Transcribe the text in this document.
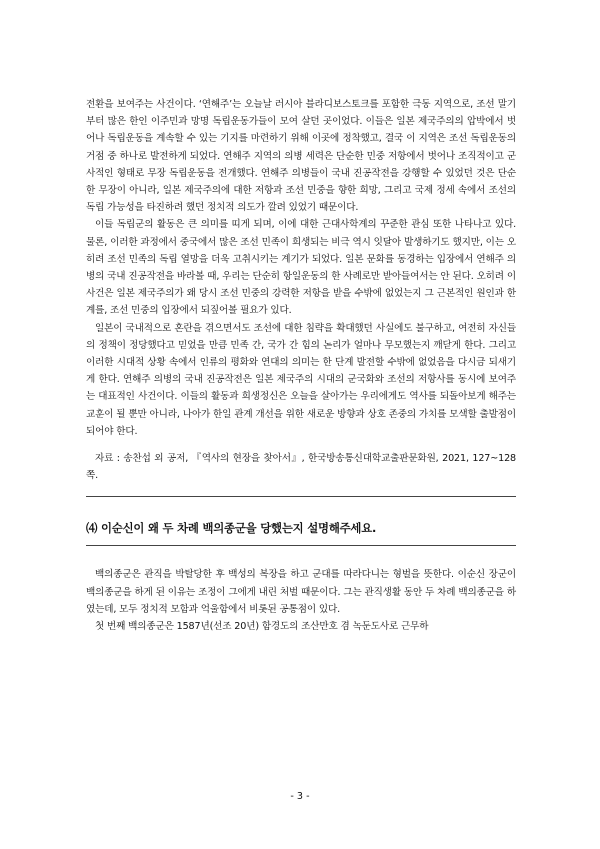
전환을 보여주는 사건이다. ‘연해주’는 오늘날 러시아 블라디보스토크를 포함한 극동 지역으로, 조선 말기부터 많은 한인 이주민과 망명 독립운동가들이 모여 살던 곳이었다. 이들은 일본 제국주의의 압박에서 벗어나 독립운동을 계속할 수 있는 기지를 마련하기 위해 이곳에 정착했고, 결국 이 지역은 조선 독립운동의 거점 중 하나로 발전하게 되었다. 연해주 지역의 의병 세력은 단순한 민중 저항에서 벗어나 조직적이고 군사적인 형태로 무장 독립운동을 전개했다. 연해주 의병들이 국내 진공작전을 강행할 수 있었던 것은 단순한 무장이 아니라, 일본 제국주의에 대한 저항과 조선 민중을 향한 희망, 그리고 국제 정세 속에서 조선의 독립 가능성을 타진하려 했던 정치적 의도가 깔려 있었기 때문이다.

이들 독립군의 활동은 큰 의미를 띠게 되며, 이에 대한 근대사학계의 꾸준한 관심 또한 나타나고 있다. 물론, 이러한 과정에서 중국에서 많은 조선 민족이 희생되는 비극 역시 잇달아 발생하기도 했지만, 이는 오히려 조선 민족의 독립 열망을 더욱 고취시키는 계기가 되었다. 일본 문화를 동경하는 입장에서 연해주 의병의 국내 진공작전을 바라볼 때, 우리는 단순히 항일운동의 한 사례로만 받아들여서는 안 된다. 오히려 이 사건은 일본 제국주의가 왜 당시 조선 민중의 강력한 저항을 받을 수밖에 없었는지 그 근본적인 원인과 한계를, 조선 민중의 입장에서 되짚어볼 필요가 있다.

일본이 국내적으로 혼란을 겪으면서도 조선에 대한 침략을 확대했던 사실에도 불구하고, 여전히 자신들의 정책이 정당했다고 믿었을 만큼 민족 간, 국가 간 힘의 논리가 얼마나 무모했는지 깨닫게 한다. 그리고 이러한 시대적 상황 속에서 인류의 평화와 연대의 의미는 한 단계 발전할 수밖에 없었음을 다시금 되새기게 한다. 연해주 의병의 국내 진공작전은 일본 제국주의 시대의 군국화와 조선의 저항사를 동시에 보여주는 대표적인 사건이다. 이들의 활동과 희생정신은 오늘을 살아가는 우리에게도 역사를 되돌아보게 해주는 교훈이 될 뿐만 아니라, 나아가 한일 관계 개선을 위한 새로운 방향과 상호 존중의 가치를 모색할 출발점이 되어야 한다.

자료 : 송찬섭 외 공저, 『역사의 현장을 찾아서』, 한국방송통신대학교출판문화원, 2021, 127~128쪽.

⑷ 이순신이 왜 두 차례 백의종군을 당했는지 설명해주세요.

백의종군은 관직을 박탈당한 후 백성의 복장을 하고 군대를 따라다니는 형벌을 뜻한다. 이순신 장군이 백의종군을 하게 된 이유는 조정이 그에게 내린 처벌 때문이다. 그는 관직생활 동안 두 차례 백의종군을 하였는데, 모두 정치적 모함과 억울함에서 비롯된 공통점이 있다.

첫 번째 백의종군은 1587년(선조 20년) 함경도의 조산만호 겸 녹둔도사로 근무하

- 3 -
